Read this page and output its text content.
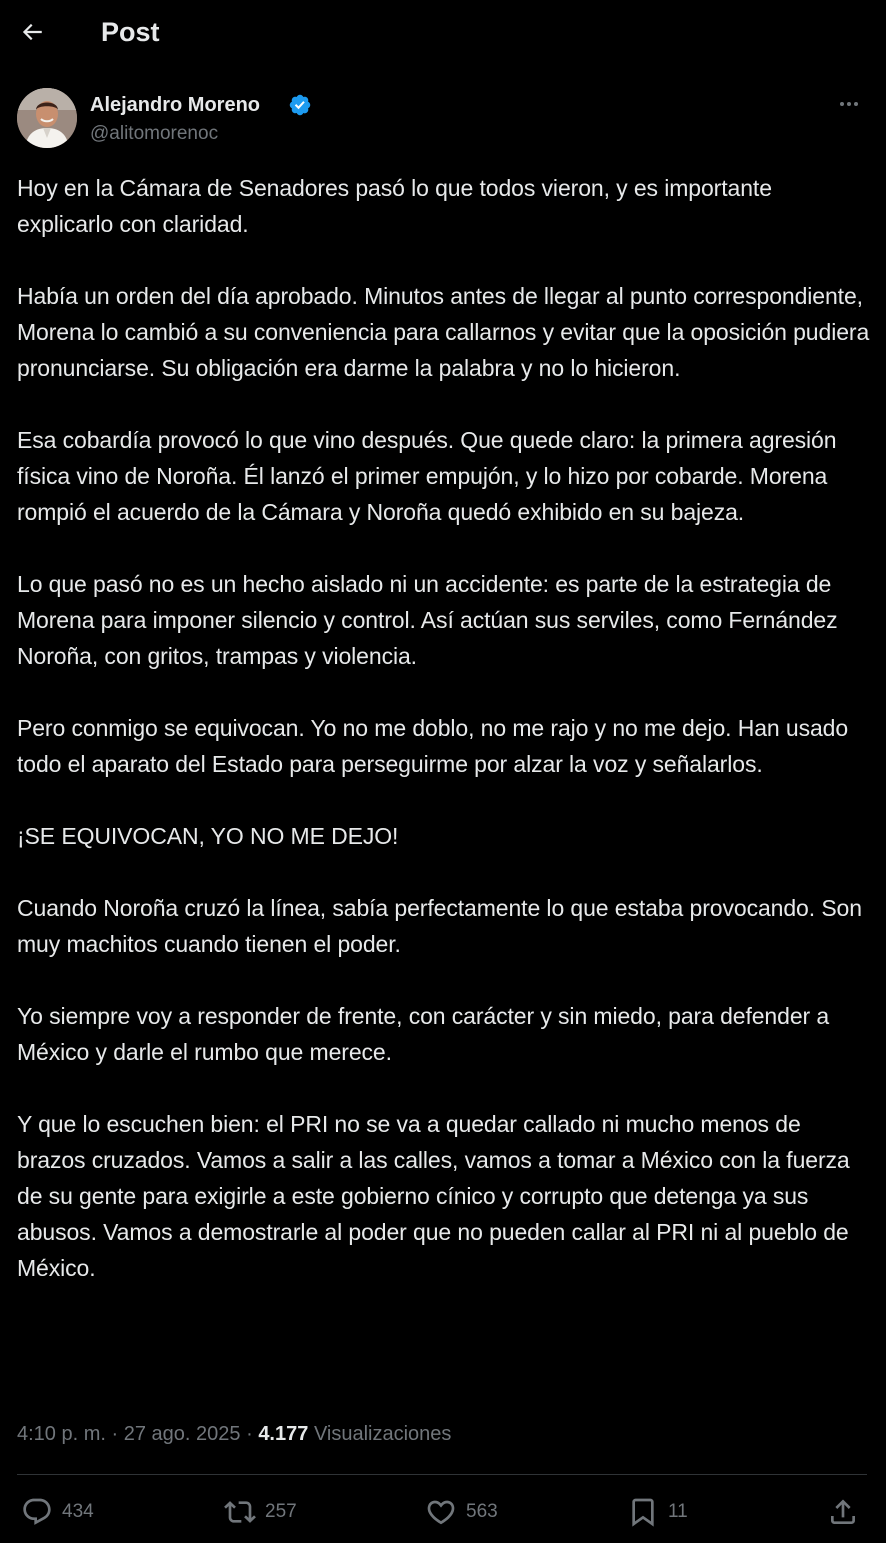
Post
Alejandro Moreno
@alitomorenoc

Hoy en la Cámara de Senadores pasó lo que todos vieron, y es importante explicarlo con claridad.

Había un orden del día aprobado. Minutos antes de llegar al punto correspondiente, Morena lo cambió a su conveniencia para callarnos y evitar que la oposición pudiera pronunciarse. Su obligación era darme la palabra y no lo hicieron.

Esa cobardía provocó lo que vino después. Que quede claro: la primera agresión física vino de Noroña. Él lanzó el primer empujón, y lo hizo por cobarde. Morena rompió el acuerdo de la Cámara y Noroña quedó exhibido en su bajeza.

Lo que pasó no es un hecho aislado ni un accidente: es parte de la estrategia de Morena para imponer silencio y control. Así actúan sus serviles, como Fernández Noroña, con gritos, trampas y violencia.

Pero conmigo se equivocan. Yo no me doblo, no me rajo y no me dejo. Han usado todo el aparato del Estado para perseguirme por alzar la voz y señalarlos.

¡SE EQUIVOCAN, YO NO ME DEJO!

Cuando Noroña cruzó la línea, sabía perfectamente lo que estaba provocando. Son muy machitos cuando tienen el poder.

Yo siempre voy a responder de frente, con carácter y sin miedo, para defender a México y darle el rumbo que merece.

Y que lo escuchen bien: el PRI no se va a quedar callado ni mucho menos de brazos cruzados. Vamos a salir a las calles, vamos a tomar a México con la fuerza de su gente para exigirle a este gobierno cínico y corrupto que detenga ya sus abusos. Vamos a demostrarle al poder que no pueden callar al PRI ni al pueblo de México.

4:10 p. m. · 27 ago. 2025 · 4.177 Visualizaciones
434	257	563	11
